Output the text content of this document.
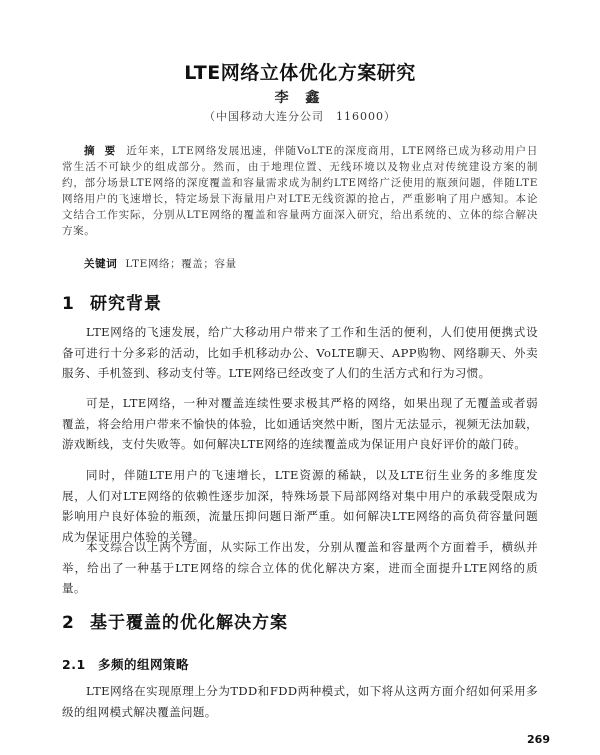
LTE网络立体优化方案研究
李 鑫
（中国移动大连分公司　116000）
摘 要 近年来，LTE网络发展迅速，伴随VoLTE的深度商用，LTE网络已成为移动用户日常生活不可缺少的组成部分。然而，由于地理位置、无线环境以及物业点对传统建设方案的制约，部分场景LTE网络的深度覆盖和容量需求成为制约LTE网络广泛使用的瓶颈问题，伴随LTE网络用户的飞速增长，特定场景下海量用户对LTE无线资源的抢占，严重影响了用户感知。本论文结合工作实际，分别从LTE网络的覆盖和容量两方面深入研究，给出系统的、立体的综合解决方案。
关键词 LTE网络；覆盖；容量
1 研究背景

LTE网络的飞速发展，给广大移动用户带来了工作和生活的便利，人们使用便携式设备可进行十分多彩的活动，比如手机移动办公、VoLTE聊天、APP购物、网络聊天、外卖服务、手机签到、移动支付等。LTE网络已经改变了人们的生活方式和行为习惯。

可是，LTE网络，一种对覆盖连续性要求极其严格的网络，如果出现了无覆盖或者弱覆盖，将会给用户带来不愉快的体验，比如通话突然中断，图片无法显示，视频无法加载，游戏断线，支付失败等。如何解决LTE网络的连续覆盖成为保证用户良好评价的敲门砖。

同时，伴随LTE用户的飞速增长，LTE资源的稀缺，以及LTE衍生业务的多维度发展，人们对LTE网络的依赖性逐步加深，特殊场景下局部网络对集中用户的承载受限成为影响用户良好体验的瓶颈，流量压抑问题日渐严重。如何解决LTE网络的高负荷容量问题成为保证用户体验的关键。

本文综合以上两个方面，从实际工作出发，分别从覆盖和容量两个方面着手，横纵并举，给出了一种基于LTE网络的综合立体的优化解决方案，进而全面提升LTE网络的质量。

2 基于覆盖的优化解决方案
2.1 多频的组网策略

LTE网络在实现原理上分为TDD和FDD两种模式，如下将从这两方面介绍如何采用多级的组网模式解决覆盖问题。

269
